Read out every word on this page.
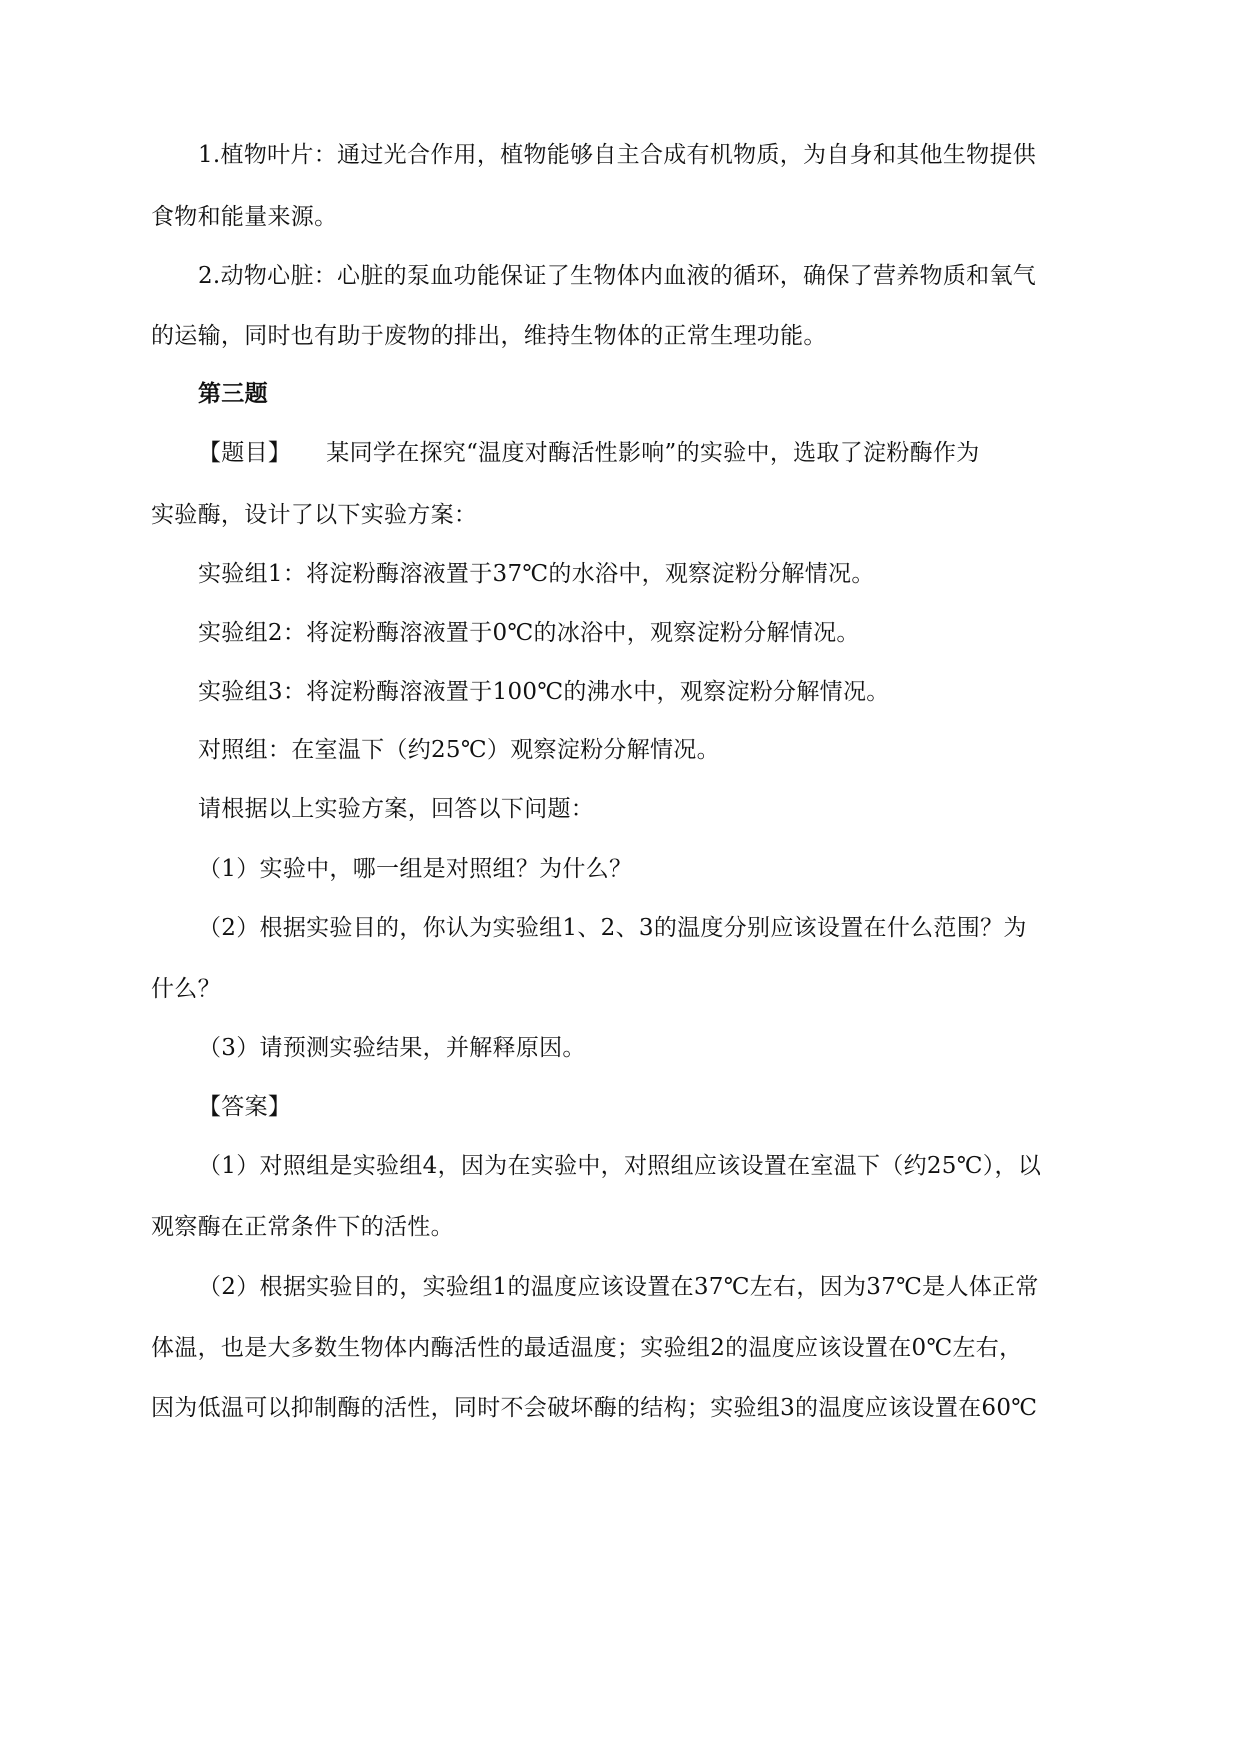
1.植物叶片：通过光合作用，植物能够自主合成有机物质，为自身和其他生物提供
食物和能量来源。
2.动物心脏：心脏的泵血功能保证了生物体内血液的循环，确保了营养物质和氧气
的运输，同时也有助于废物的排出，维持生物体的正常生理功能。
第三题
【题目】　　某同学在探究“温度对酶活性影响”的实验中，选取了淀粉酶作为
实验酶，设计了以下实验方案：
实验组1：将淀粉酶溶液置于37℃的水浴中，观察淀粉分解情况。
实验组2：将淀粉酶溶液置于0℃的冰浴中，观察淀粉分解情况。
实验组3：将淀粉酶溶液置于100℃的沸水中，观察淀粉分解情况。
对照组：在室温下（约25℃）观察淀粉分解情况。
请根据以上实验方案，回答以下问题：
（1）实验中，哪一组是对照组？为什么？
（2）根据实验目的，你认为实验组1、2、3的温度分别应该设置在什么范围？为
什么？
（3）请预测实验结果，并解释原因。
【答案】
（1）对照组是实验组4，因为在实验中，对照组应该设置在室温下（约25℃），以
观察酶在正常条件下的活性。
（2）根据实验目的，实验组1的温度应该设置在37℃左右，因为37℃是人体正常
体温，也是大多数生物体内酶活性的最适温度；实验组2的温度应该设置在0℃左右，
因为低温可以抑制酶的活性，同时不会破坏酶的结构；实验组3的温度应该设置在60℃
